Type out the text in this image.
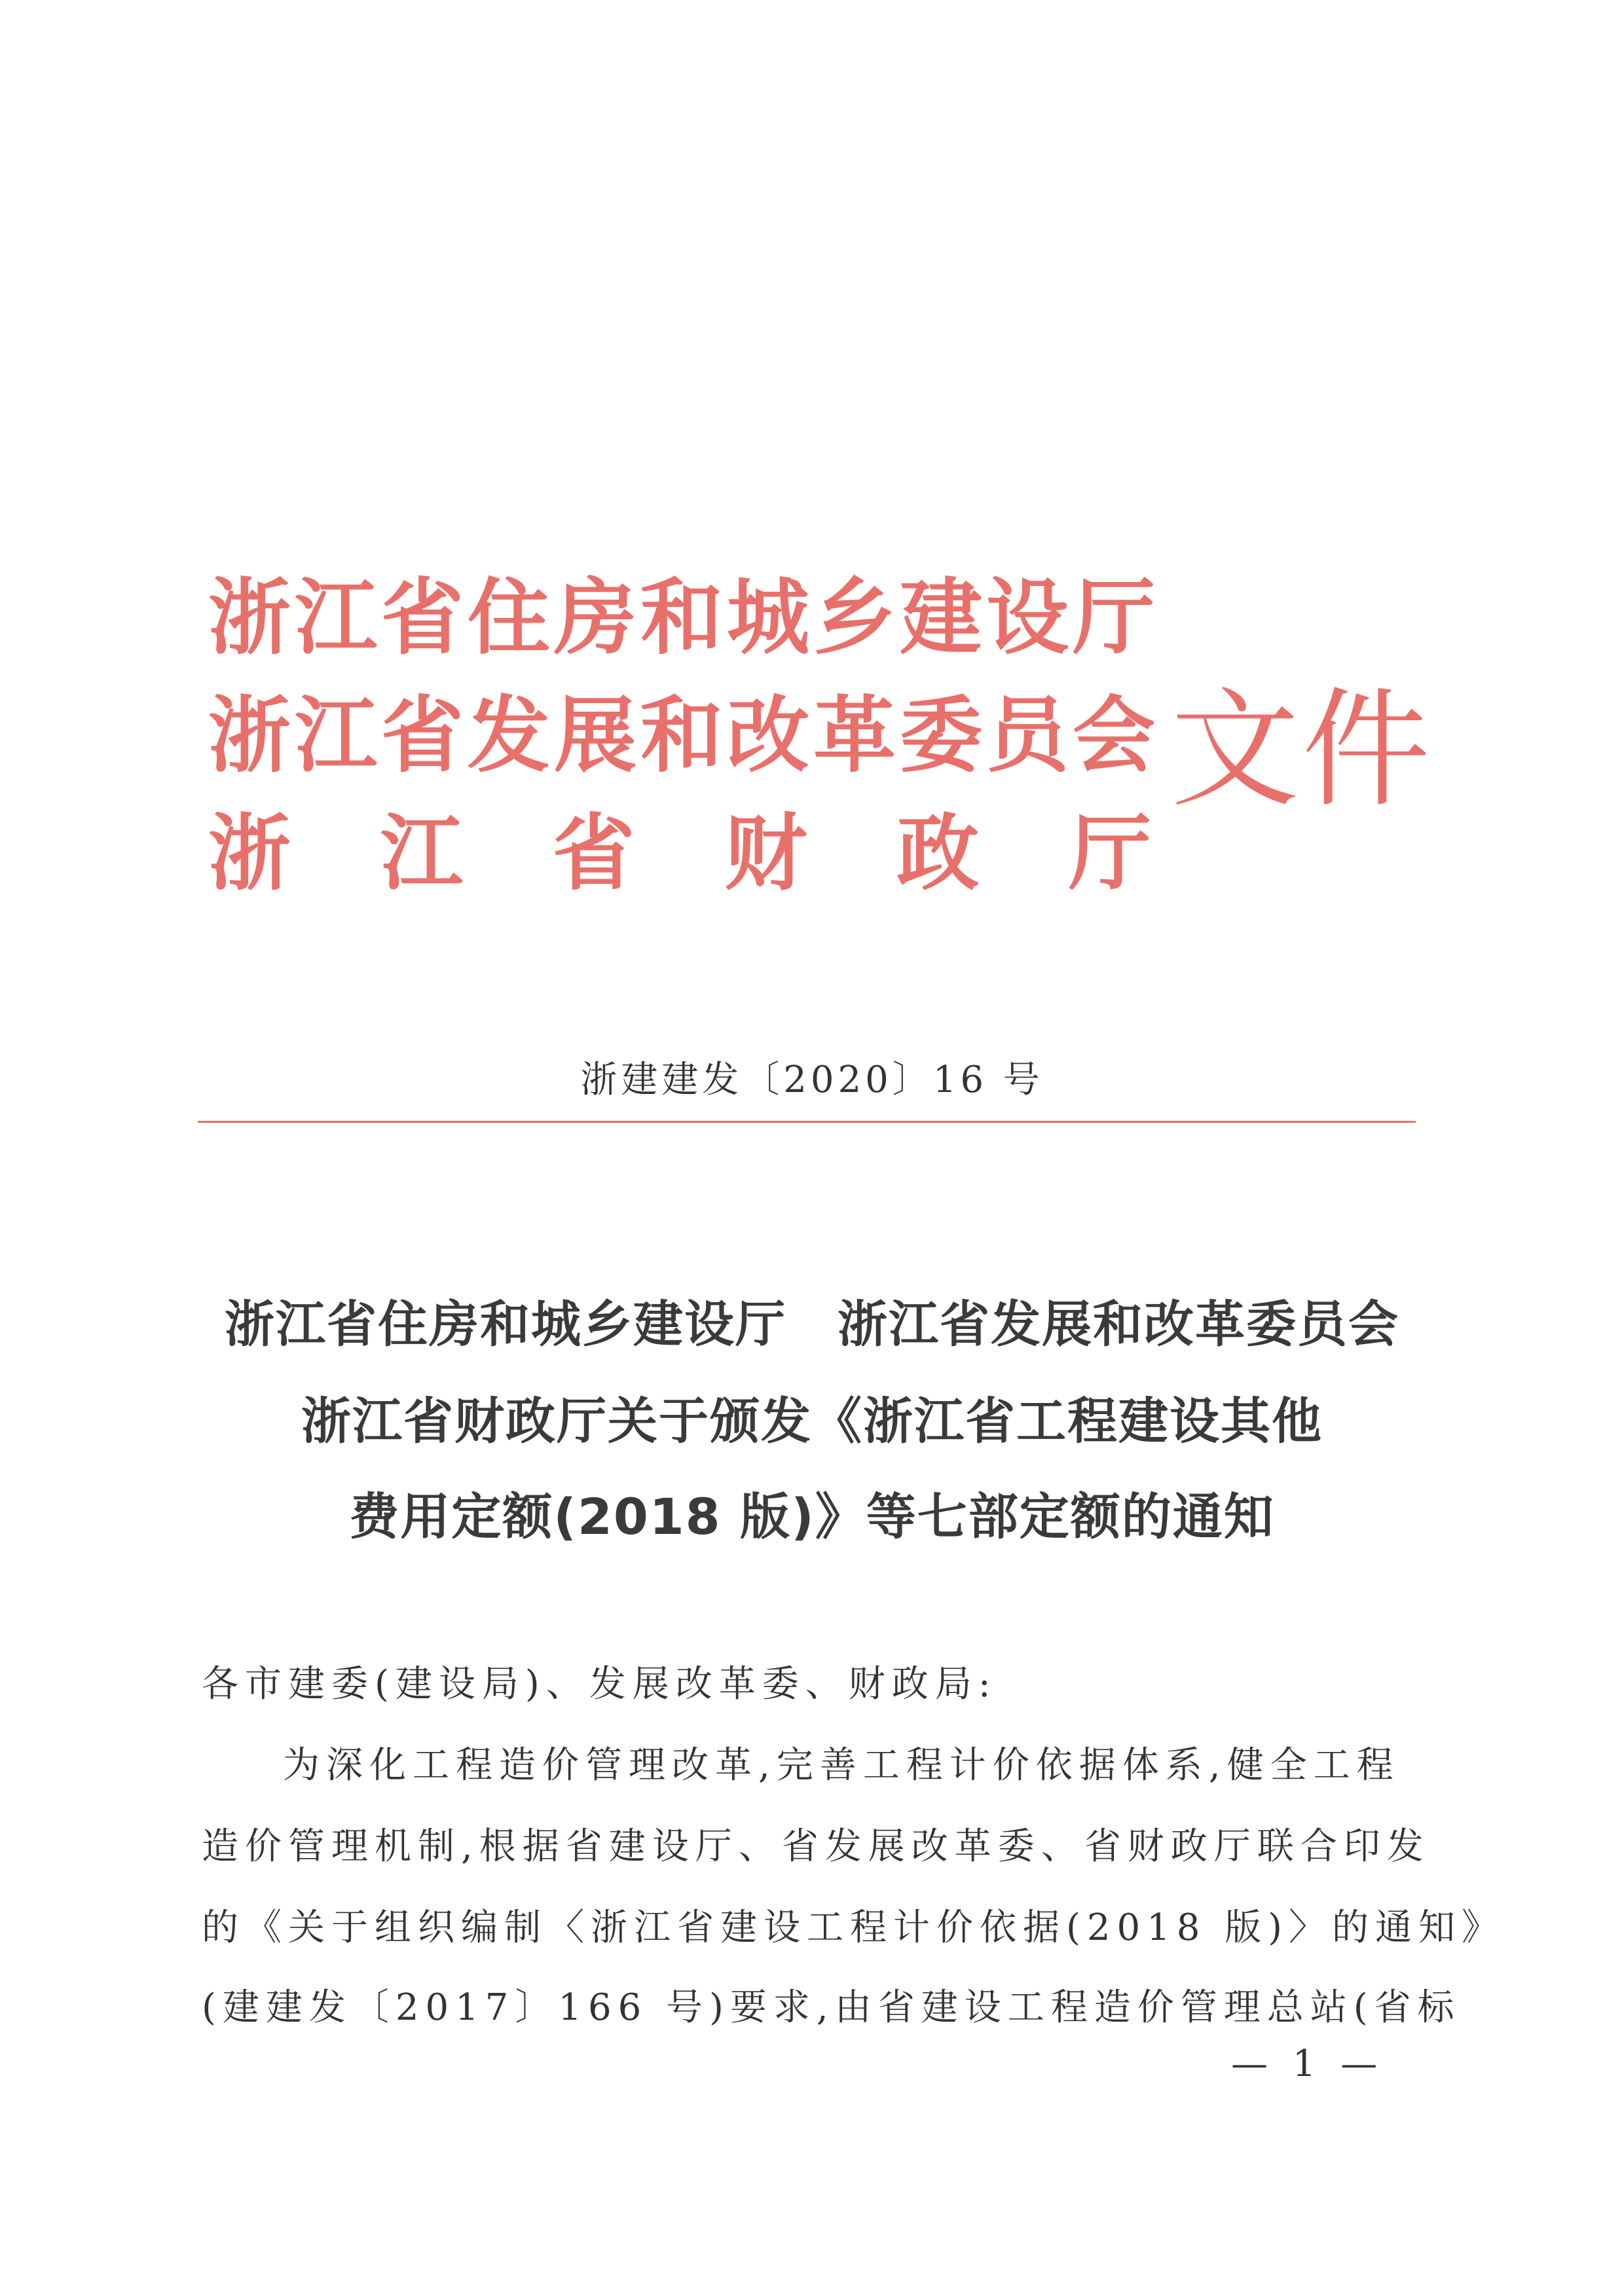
浙江省住房和城乡建设厅
浙江省发展和改革委员会
浙 江 省 财 政 厅
文件
浙建建发〔2020〕16 号
浙江省住房和城乡建设厅　浙江省发展和改革委员会
浙江省财政厅关于颁发《浙江省工程建设其他
费用定额(2018 版)》等七部定额的通知
各市建委(建设局)、发展改革委、财政局:
为深化工程造价管理改革,完善工程计价依据体系,健全工程
造价管理机制,根据省建设厅、省发展改革委、省财政厅联合印发
的《关于组织编制〈浙江省建设工程计价依据(2018 版)〉的通知》
(建建发〔2017〕166 号)要求,由省建设工程造价管理总站(省标
— 1 —
